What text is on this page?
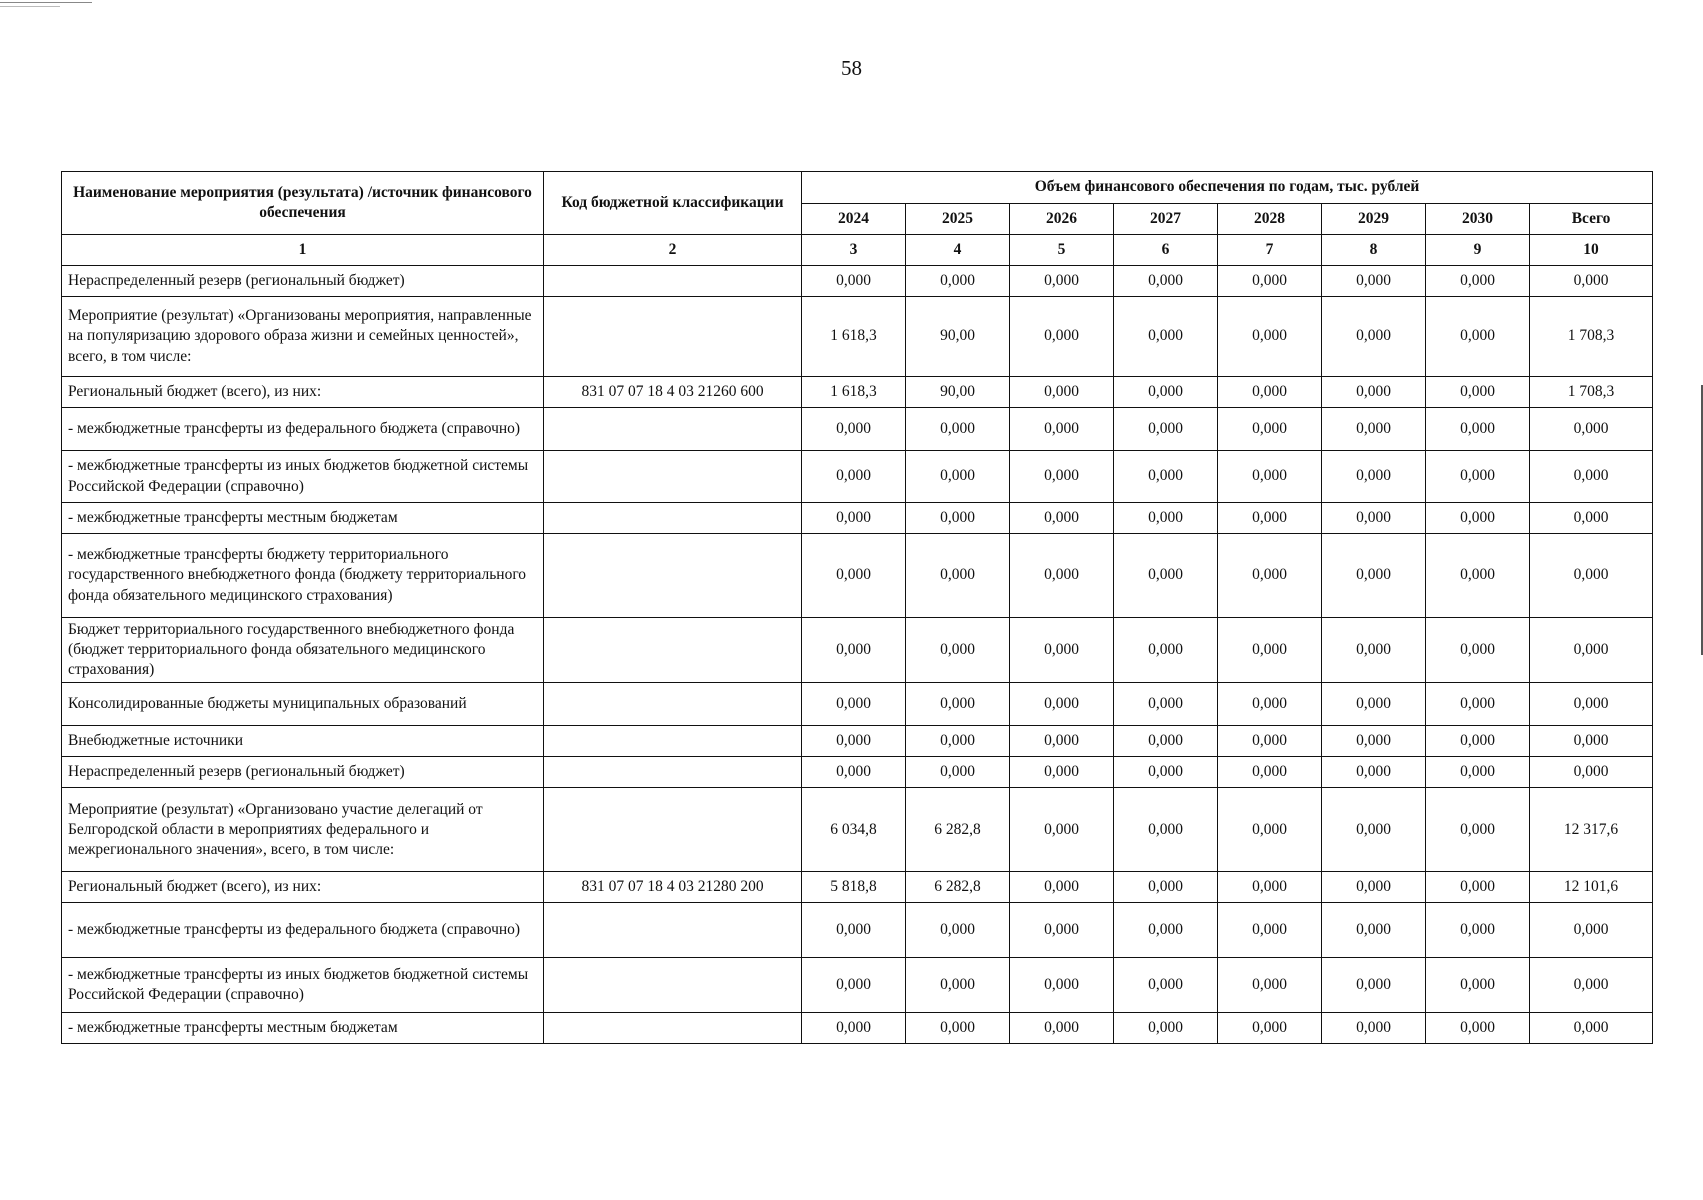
58
Наименование мероприятия (результата) /источник финансового обеспечения	Код бюджетной классификации	Объем финансового обеспечения по годам, тыс. рублей							
		2024	2025	2026	2027	2028	2029	2030	Всего
1	2	3	4	5	6	7	8	9	10
Нераспределенный резерв (региональный бюджет)		0,000	0,000	0,000	0,000	0,000	0,000	0,000	0,000
Мероприятие (результат) «Организованы мероприятия, направленные на популяризацию здорового образа жизни и семейных ценностей», всего, в том числе:		1 618,3	90,00	0,000	0,000	0,000	0,000	0,000	1 708,3
Региональный бюджет (всего), из них:	831 07 07 18 4 03 21260 600	1 618,3	90,00	0,000	0,000	0,000	0,000	0,000	1 708,3
- межбюджетные трансферты из федерального бюджета (справочно)		0,000	0,000	0,000	0,000	0,000	0,000	0,000	0,000
- межбюджетные трансферты из иных бюджетов бюджетной системы Российской Федерации (справочно)		0,000	0,000	0,000	0,000	0,000	0,000	0,000	0,000
- межбюджетные трансферты местным бюджетам		0,000	0,000	0,000	0,000	0,000	0,000	0,000	0,000
- межбюджетные трансферты бюджету территориального государственного внебюджетного фонда (бюджету территориального фонда обязательного медицинского страхования)		0,000	0,000	0,000	0,000	0,000	0,000	0,000	0,000
Бюджет территориального государственного внебюджетного фонда (бюджет территориального фонда обязательного медицинского страхования)		0,000	0,000	0,000	0,000	0,000	0,000	0,000	0,000
Консолидированные бюджеты муниципальных образований		0,000	0,000	0,000	0,000	0,000	0,000	0,000	0,000
Внебюджетные источники		0,000	0,000	0,000	0,000	0,000	0,000	0,000	0,000
Нераспределенный резерв (региональный бюджет)		0,000	0,000	0,000	0,000	0,000	0,000	0,000	0,000
Мероприятие (результат) «Организовано участие делегаций от Белгородской области в мероприятиях федерального и межрегионального значения», всего, в том числе:		6 034,8	6 282,8	0,000	0,000	0,000	0,000	0,000	12 317,6
Региональный бюджет (всего), из них:	831 07 07 18 4 03 21280 200	5 818,8	6 282,8	0,000	0,000	0,000	0,000	0,000	12 101,6
- межбюджетные трансферты из федерального бюджета (справочно)		0,000	0,000	0,000	0,000	0,000	0,000	0,000	0,000
- межбюджетные трансферты из иных бюджетов бюджетной системы Российской Федерации (справочно)		0,000	0,000	0,000	0,000	0,000	0,000	0,000	0,000
- межбюджетные трансферты местным бюджетам		0,000	0,000	0,000	0,000	0,000	0,000	0,000	0,000
